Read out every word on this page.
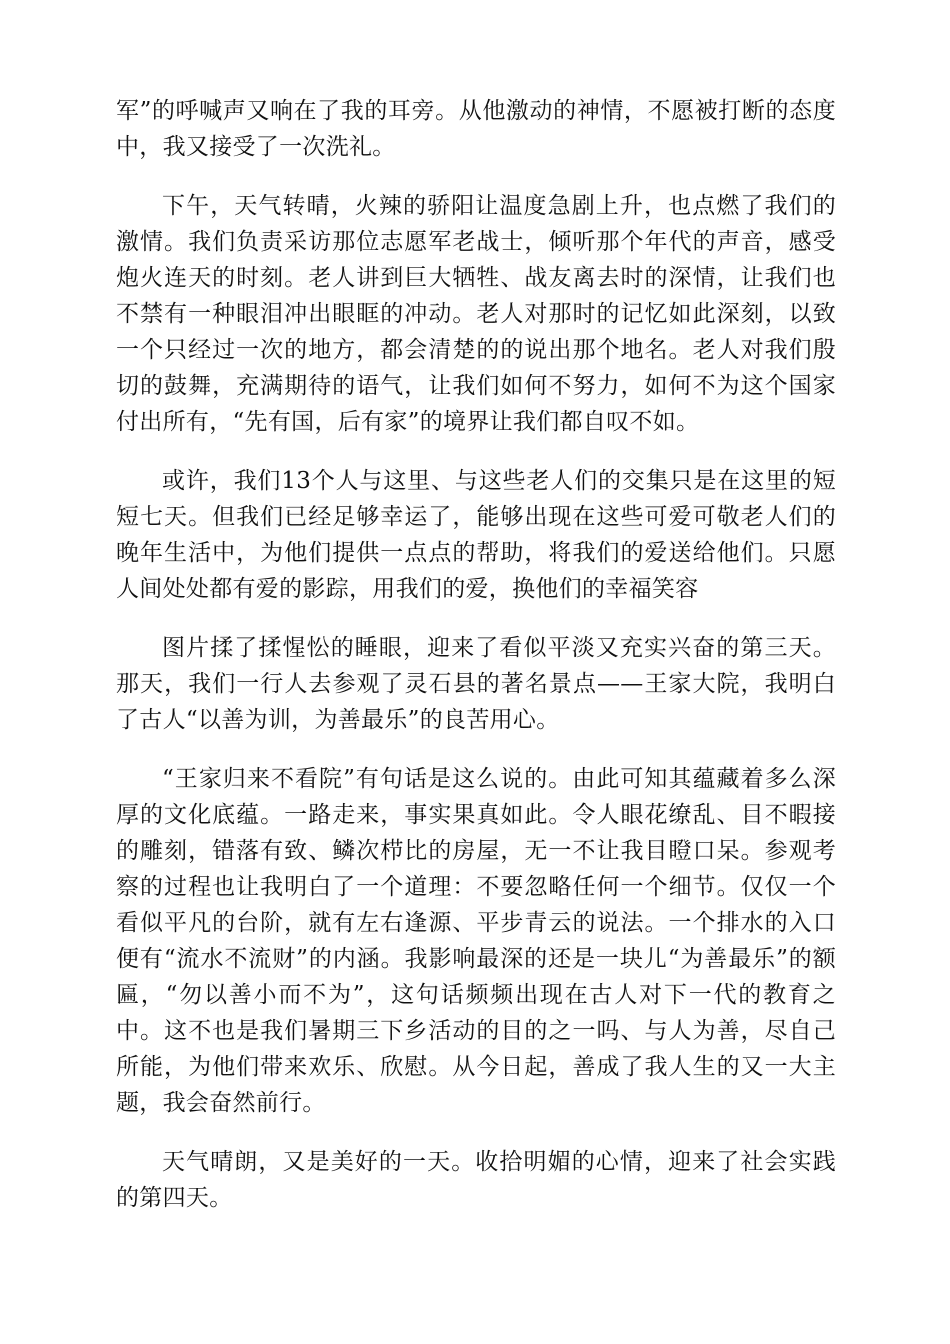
军”的呼喊声又响在了我的耳旁。从他激动的神情，不愿被打断的态度中，我又接受了一次洗礼。

下午，天气转晴，火辣的骄阳让温度急剧上升，也点燃了我们的激情。我们负责采访那位志愿军老战士，倾听那个年代的声音，感受炮火连天的时刻。老人讲到巨大牺牲、战友离去时的深情，让我们也不禁有一种眼泪冲出眼眶的冲动。老人对那时的记忆如此深刻，以致一个只经过一次的地方，都会清楚的的说出那个地名。老人对我们殷切的鼓舞，充满期待的语气，让我们如何不努力，如何不为这个国家付出所有，“先有国，后有家”的境界让我们都自叹不如。

或许，我们13个人与这里、与这些老人们的交集只是在这里的短短七天。但我们已经足够幸运了，能够出现在这些可爱可敬老人们的晚年生活中，为他们提供一点点的帮助，将我们的爱送给他们。只愿人间处处都有爱的影踪，用我们的爱，换他们的幸福笑容

图片揉了揉惺忪的睡眼，迎来了看似平淡又充实兴奋的第三天。那天，我们一行人去参观了灵石县的著名景点——王家大院，我明白了古人“以善为训，为善最乐”的良苦用心。

“王家归来不看院”有句话是这么说的。由此可知其蕴藏着多么深厚的文化底蕴。一路走来，事实果真如此。令人眼花缭乱、目不暇接的雕刻，错落有致、鳞次栉比的房屋，无一不让我目瞪口呆。参观考察的过程也让我明白了一个道理：不要忽略任何一个细节。仅仅一个看似平凡的台阶，就有左右逢源、平步青云的说法。一个排水的入口便有“流水不流财”的内涵。我影响最深的还是一块儿“为善最乐”的额匾，“勿以善小而不为”，这句话频频出现在古人对下一代的教育之中。这不也是我们暑期三下乡活动的目的之一吗、与人为善，尽自己所能，为他们带来欢乐、欣慰。从今日起，善成了我人生的又一大主题，我会奋然前行。

天气晴朗，又是美好的一天。收拾明媚的心情，迎来了社会实践的第四天。
